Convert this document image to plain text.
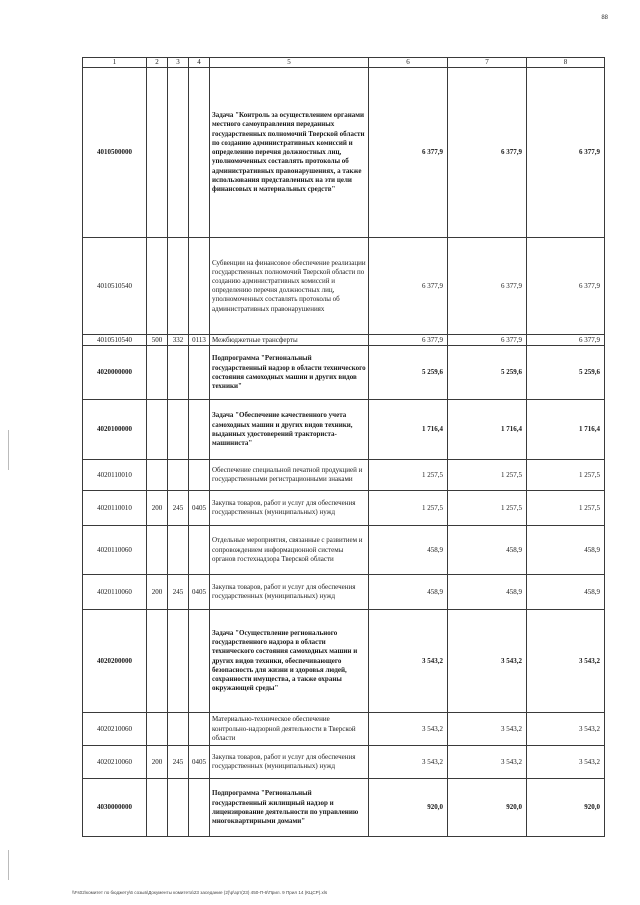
88
1	2	3	4	5	6	7	8
4010500000				Задача "Контроль за осуществлением органами местного самоуправления переданных государственных полномочий Тверской области по созданию административных комиссий и определению перечня должностных лиц, уполномоченных составлять протоколы об административных правонарушениях, а также использования представленных на эти цели финансовых и материальных средств"	6 377,9	6 377,9	6 377,9
4010510540				Субвенции на финансовое обеспечение реализации государственных полномочий Тверской области по созданию административных комиссий и определению перечня должностных лиц, уполномоченных составлять протоколы об административных правонарушениях	6 377,9	6 377,9	6 377,9
4010510540	500	332	0113	Межбюджетные трансферты	6 377,9	6 377,9	6 377,9
4020000000				Подпрограмма "Региональный государственный надзор в области технического состояния самоходных машин и других видов техники"	5 259,6	5 259,6	5 259,6
4020100000				Задача "Обеспечение качественного учета самоходных машин и других видов техники, выданных удостоверений тракториста-машиниста"	1 716,4	1 716,4	1 716,4
4020110010				Обеспечение специальной печатной продукцией и государственными регистрационными знаками	1 257,5	1 257,5	1 257,5
4020110010	200	245	0405	Закупка товаров, работ и услуг для обеспечения государственных (муниципальных) нужд	1 257,5	1 257,5	1 257,5
4020110060				Отдельные мероприятия, связанные с развитием и сопровождением информационной системы органов гостехнадзора Тверской области	458,9	458,9	458,9
4020110060	200	245	0405	Закупка товаров, работ и услуг для обеспечения государственных (муниципальных) нужд	458,9	458,9	458,9
4020200000				Задача "Осуществление регионального государственного надзора в области технического состояния самоходных машин и других видов техники, обеспечивающего безопасность для жизни и здоровья людей, сохранности имущества, а также охраны окружающей среды"	3 543,2	3 543,2	3 543,2
4020210060				Материально-техническое обеспечение контрольно-надзорной деятельности в Тверской области	3 543,2	3 543,2	3 543,2
4020210060	200	245	0405	Закупка товаров, работ и услуг для обеспечения государственных (муниципальных) нужд	3 543,2	3 543,2	3 543,2
4030000000				Подпрограмма "Региональный государственный жилищный надзор и лицензирование деятельности по управлению многоквартирными домами"	920,0	920,0	920,0
\\Fs02\комитет по бюджету\6 созыв\Документы комитета\23 заседание (2)\р\зрт(23) 450-П-6\Прил. 9 Прил 14 (КЦСР).xls
